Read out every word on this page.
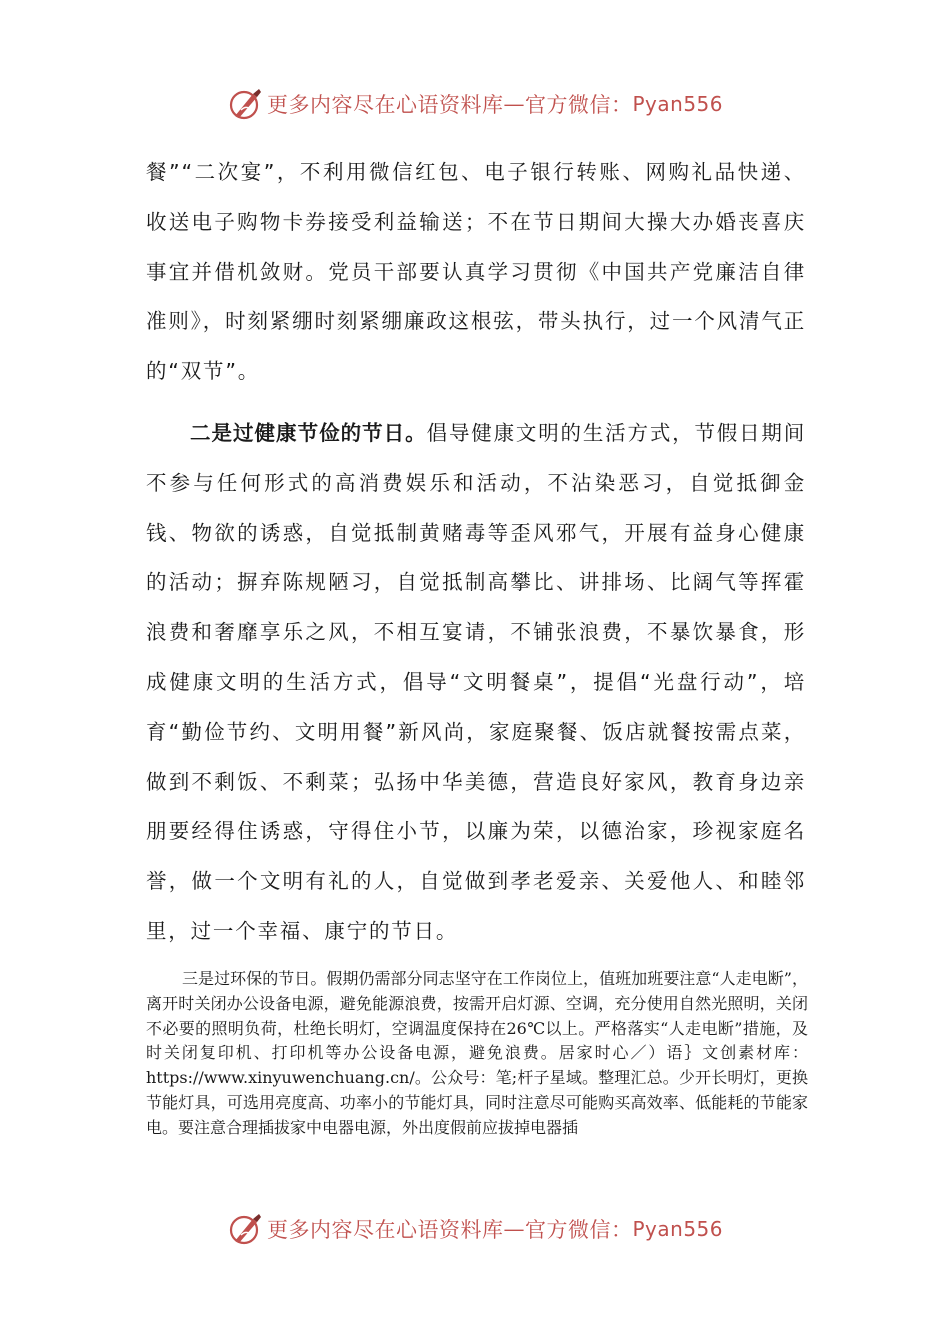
更多内容尽在心语资料库 — 官方微信： Pyan556

餐”“二次宴”，不利用微信红包、电子银行转账、网购礼品快递、收送电子购物卡券接受利益输送；不在节日期间大操大办婚丧喜庆事宜并借机敛财。党员干部要认真学习贯彻《中国共产党廉洁自律准则》，时刻紧绷时刻紧绷廉政这根弦，带头执行，过一个风清气正的“双节”。

二是过健康节俭的节日。倡导健康文明的生活方式，节假日期间不参与任何形式的高消费娱乐和活动，不沾染恶习，自觉抵御金钱、物欲的诱惑，自觉抵制黄赌毒等歪风邪气，开展有益身心健康的活动；摒弃陈规陋习，自觉抵制高攀比、讲排场、比阔气等挥霍浪费和奢靡享乐之风，不相互宴请，不铺张浪费，不暴饮暴食，形成健康文明的生活方式，倡导“文明餐桌”，提倡“光盘行动”，培育“勤俭节约、文明用餐”新风尚，家庭聚餐、饭店就餐按需点菜，做到不剩饭、不剩菜；弘扬中华美德，营造良好家风，教育身边亲朋要经得住诱惑，守得住小节，以廉为荣，以德治家，珍视家庭名誉，做一个文明有礼的人，自觉做到孝老爱亲、关爱他人、和睦邻里，过一个幸福、康宁的节日。

三是过环保的节日。假期仍需部分同志坚守在工作岗位上，值班加班要注意“人走电断”，离开时关闭办公设备电源，避免能源浪费，按需开启灯源、空调，充分使用自然光照明，关闭不必要的照明负荷，杜绝长明灯，空调温度保持在26℃以上。严格落实“人走电断”措施，及时关闭复印机、打印机等办公设备电源，避免浪费。居家时心／）语｝文创素材库：https://www.xinyuwenchuang.cn/。公众号：笔;杆子星域。整理汇总。少开长明灯，更换节能灯具，可选用亮度高、功率小的节能灯具，同时注意尽可能购买高效率、低能耗的节能家电。要注意合理插拔家中电器电源，外出度假前应拔掉电器插

更多内容尽在心语资料库 — 官方微信： Pyan556
